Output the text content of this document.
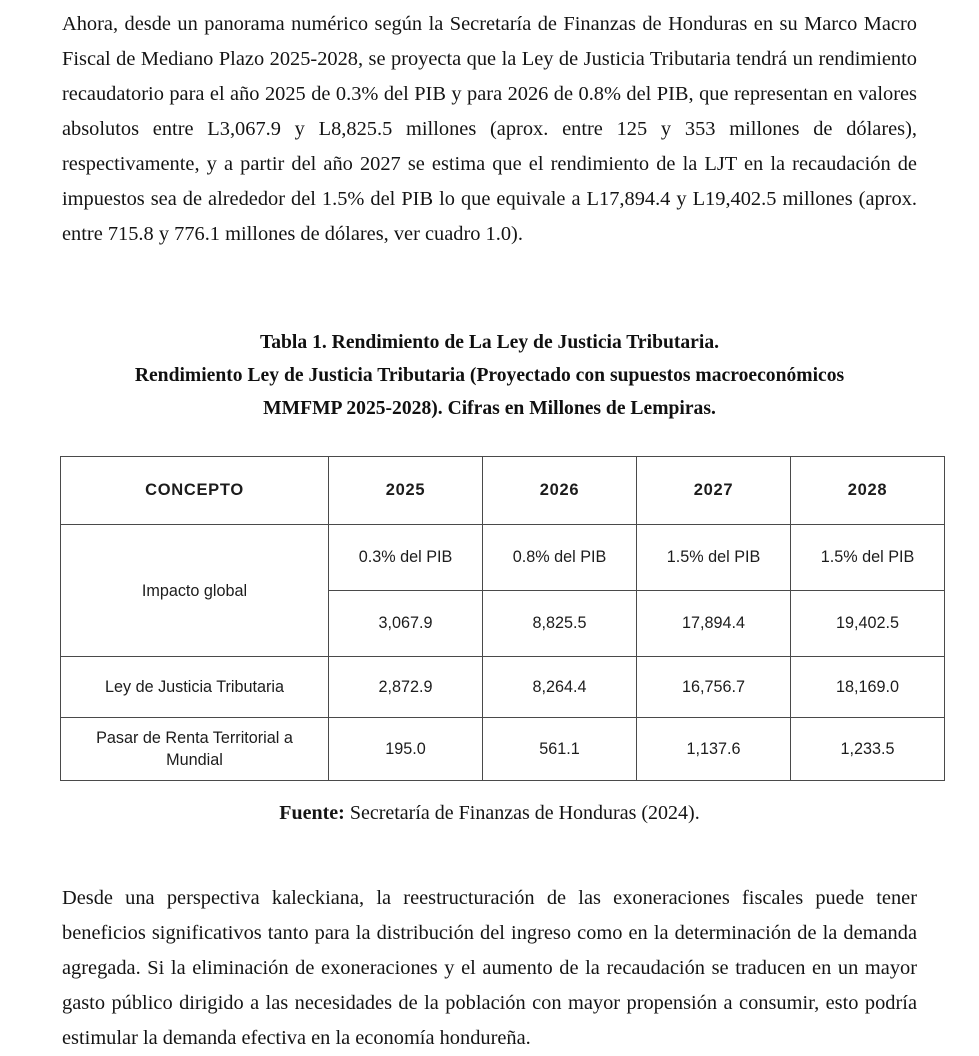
Ahora, desde un panorama numérico según la Secretaría de Finanzas de Honduras en su Marco Macro Fiscal de Mediano Plazo 2025-2028, se proyecta que la Ley de Justicia Tributaria tendrá un rendimiento recaudatorio para el año 2025 de 0.3% del PIB y para 2026 de 0.8% del PIB, que representan en valores absolutos entre L3,067.9 y L8,825.5 millones (aprox. entre 125 y 353 millones de dólares), respectivamente, y a partir del año 2027 se estima que el rendimiento de la LJT en la recaudación de impuestos sea de alrededor del 1.5% del PIB lo que equivale a L17,894.4 y L19,402.5 millones (aprox. entre 715.8 y 776.1 millones de dólares, ver cuadro 1.0).

Tabla 1. Rendimiento de La Ley de Justicia Tributaria.
Rendimiento Ley de Justicia Tributaria (Proyectado con supuestos macroeconómicos
MMFMP 2025-2028). Cifras en Millones de Lempiras.
CONCEPTO	2025	2026	2027	2028
Impacto global	0.3% del PIB	0.8% del PIB	1.5% del PIB	1.5% del PIB
	3,067.9	8,825.5	17,894.4	19,402.5
Ley de Justicia Tributaria	2,872.9	8,264.4	16,756.7	18,169.0
Pasar de Renta Territorial a Mundial	195.0	561.1	1,137.6	1,233.5

Fuente: Secretaría de Finanzas de Honduras (2024).

Desde una perspectiva kaleckiana, la reestructuración de las exoneraciones fiscales puede tener beneficios significativos tanto para la distribución del ingreso como en la determinación de la demanda agregada. Si la eliminación de exoneraciones y el aumento de la recaudación se traducen en un mayor gasto público dirigido a las necesidades de la población con mayor propensión a consumir, esto podría estimular la demanda efectiva en la economía hondureña.
